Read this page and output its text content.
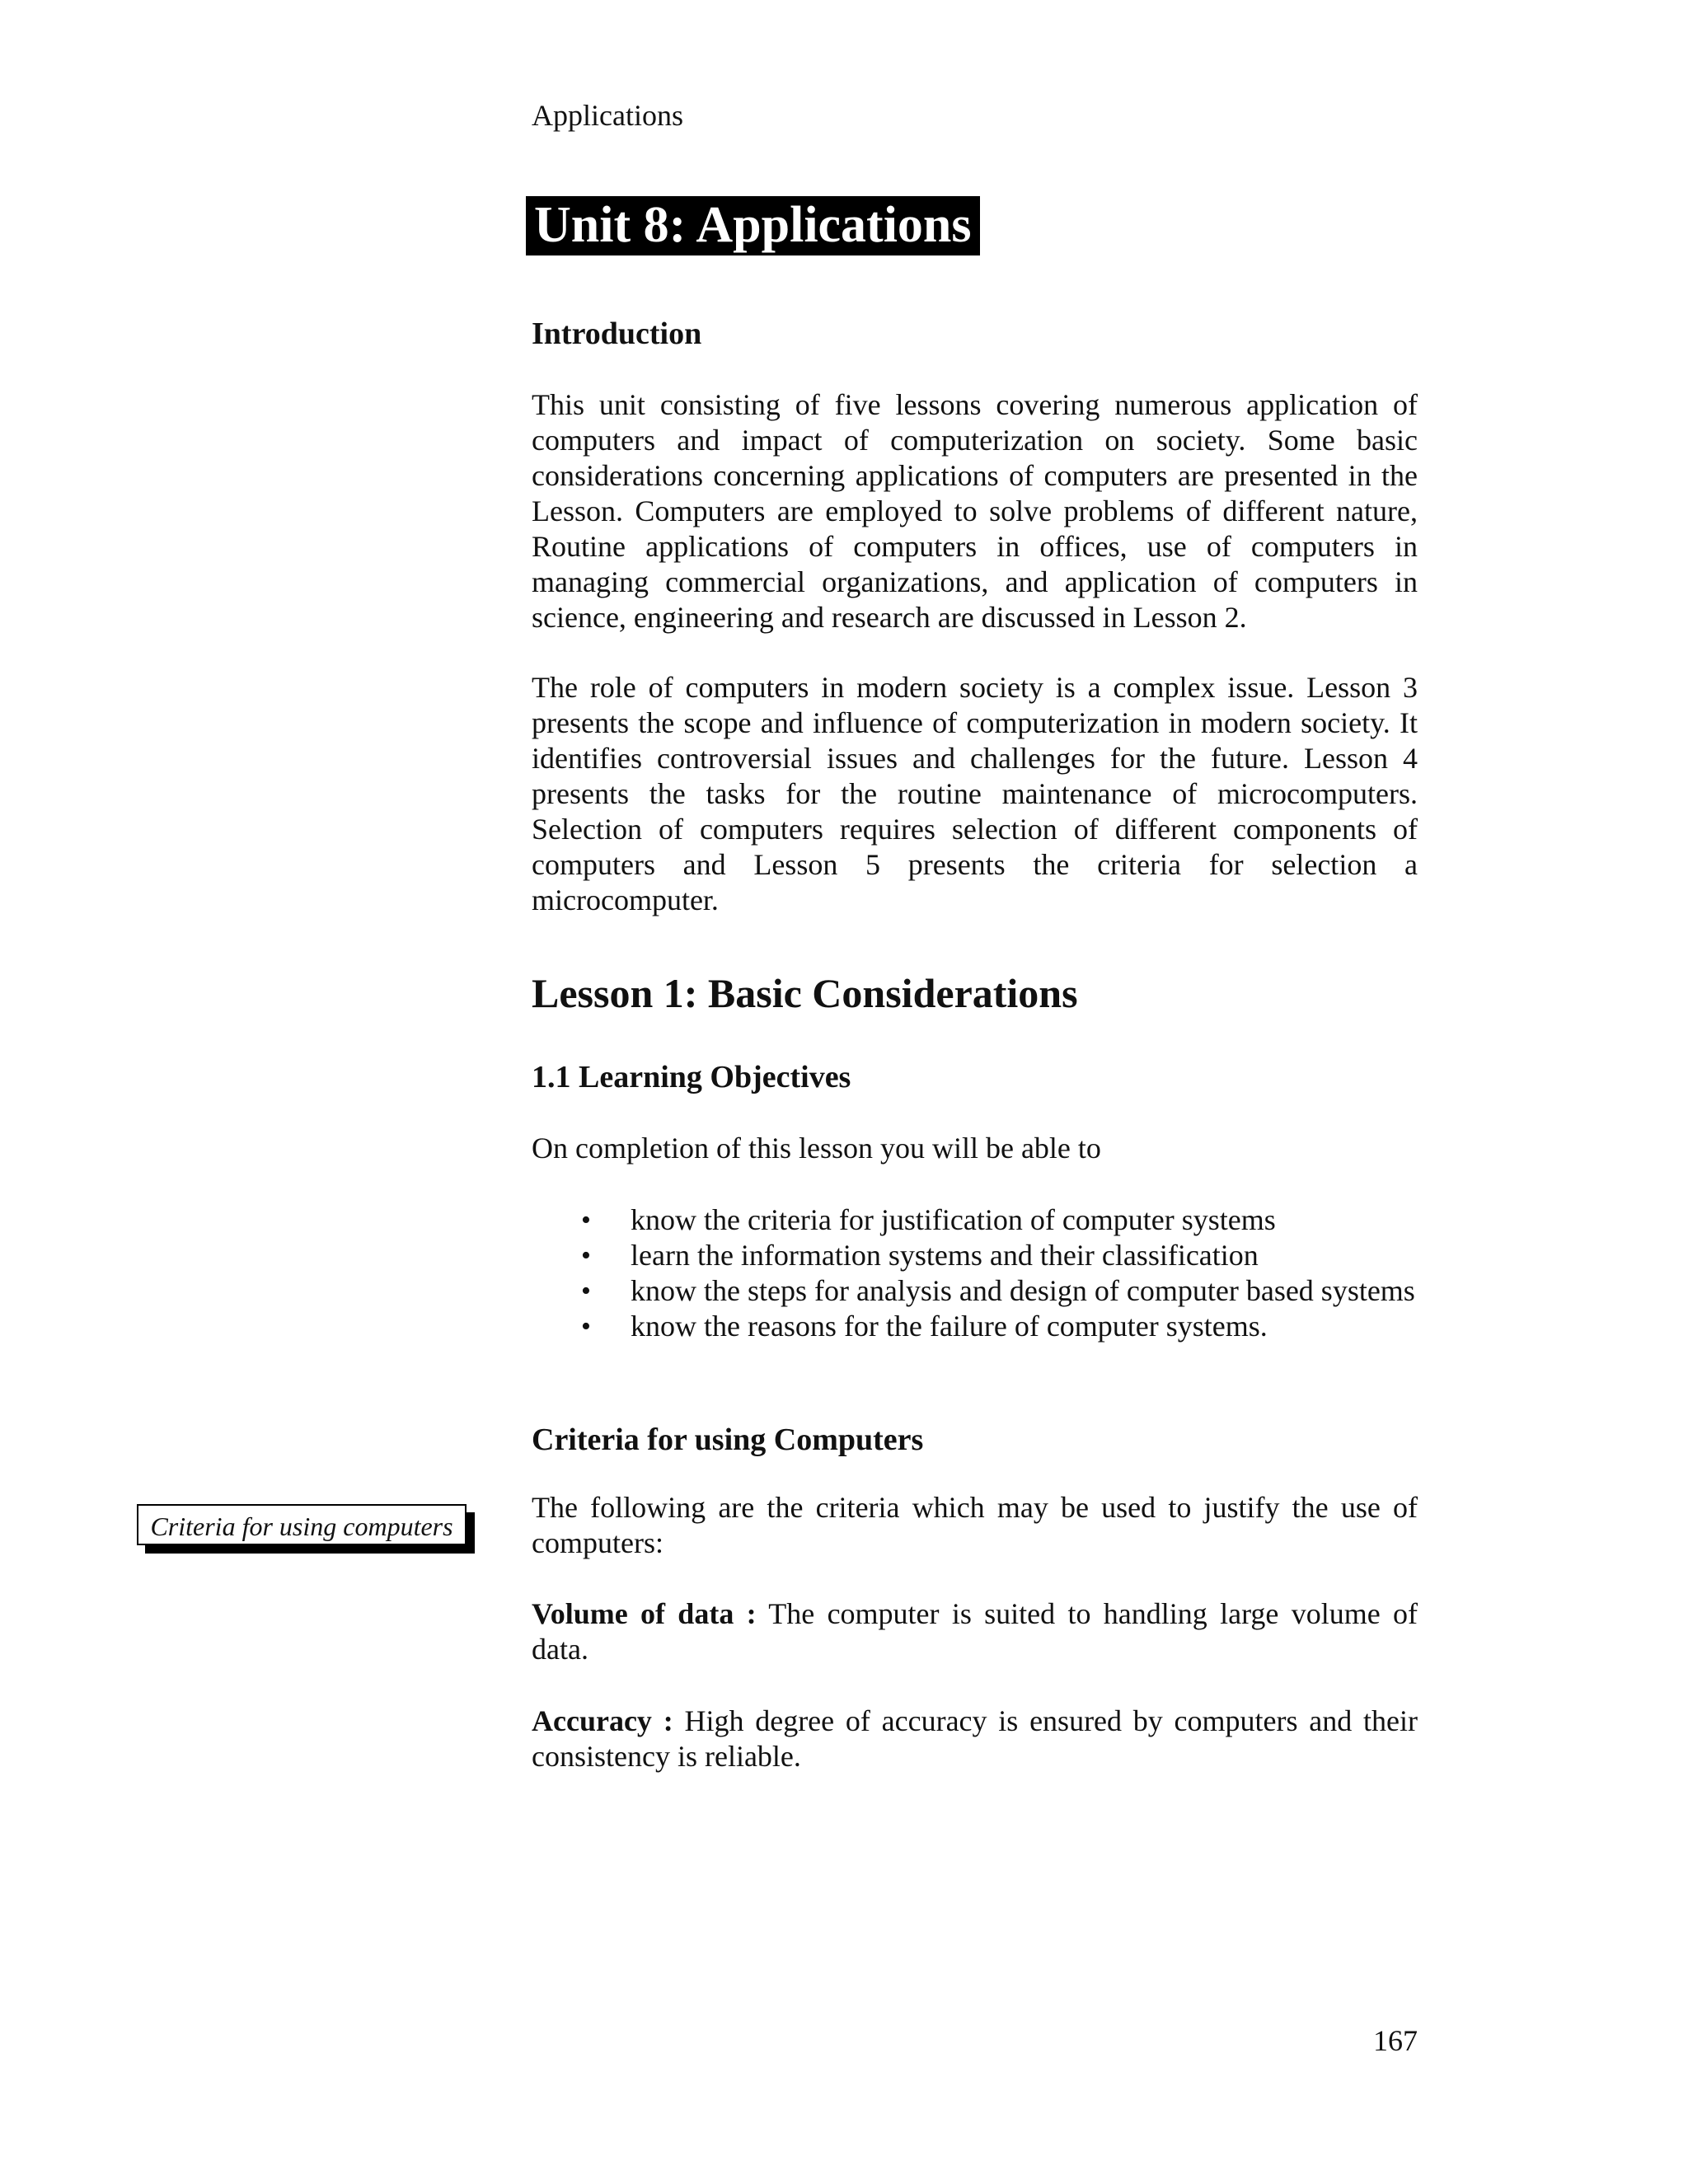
Applications
Unit 8: Applications
Introduction
This unit consisting of five lessons covering numerous application of computers and impact of computerization on society. Some basic considerations concerning applications of computers are presented in the Lesson. Computers are employed to solve problems of different nature, Routine applications of computers in offices, use of computers in managing commercial organizations, and application of computers in science, engineering and research are discussed in Lesson 2.
The role of computers in modern society is a complex issue. Lesson 3 presents the scope and influence of computerization in modern society. It identifies controversial issues and challenges for the future. Lesson 4 presents the tasks for the routine maintenance of microcomputers. Selection of computers requires selection of different components of computers and Lesson 5 presents the criteria for selection a microcomputer.
Lesson 1: Basic Considerations
1.1 Learning Objectives
On completion of this lesson you will be able to
• know the criteria for justification of computer systems
• learn the information systems and their classification
• know the steps for analysis and design of computer based systems
• know the reasons for the failure of computer systems.
Criteria for using Computers
Criteria for using computers
The following are the criteria which may be used to justify the use of computers:
Volume of data : The computer is suited to handling large volume of data.
Accuracy : High degree of accuracy is ensured by computers and their consistency is reliable.
167
